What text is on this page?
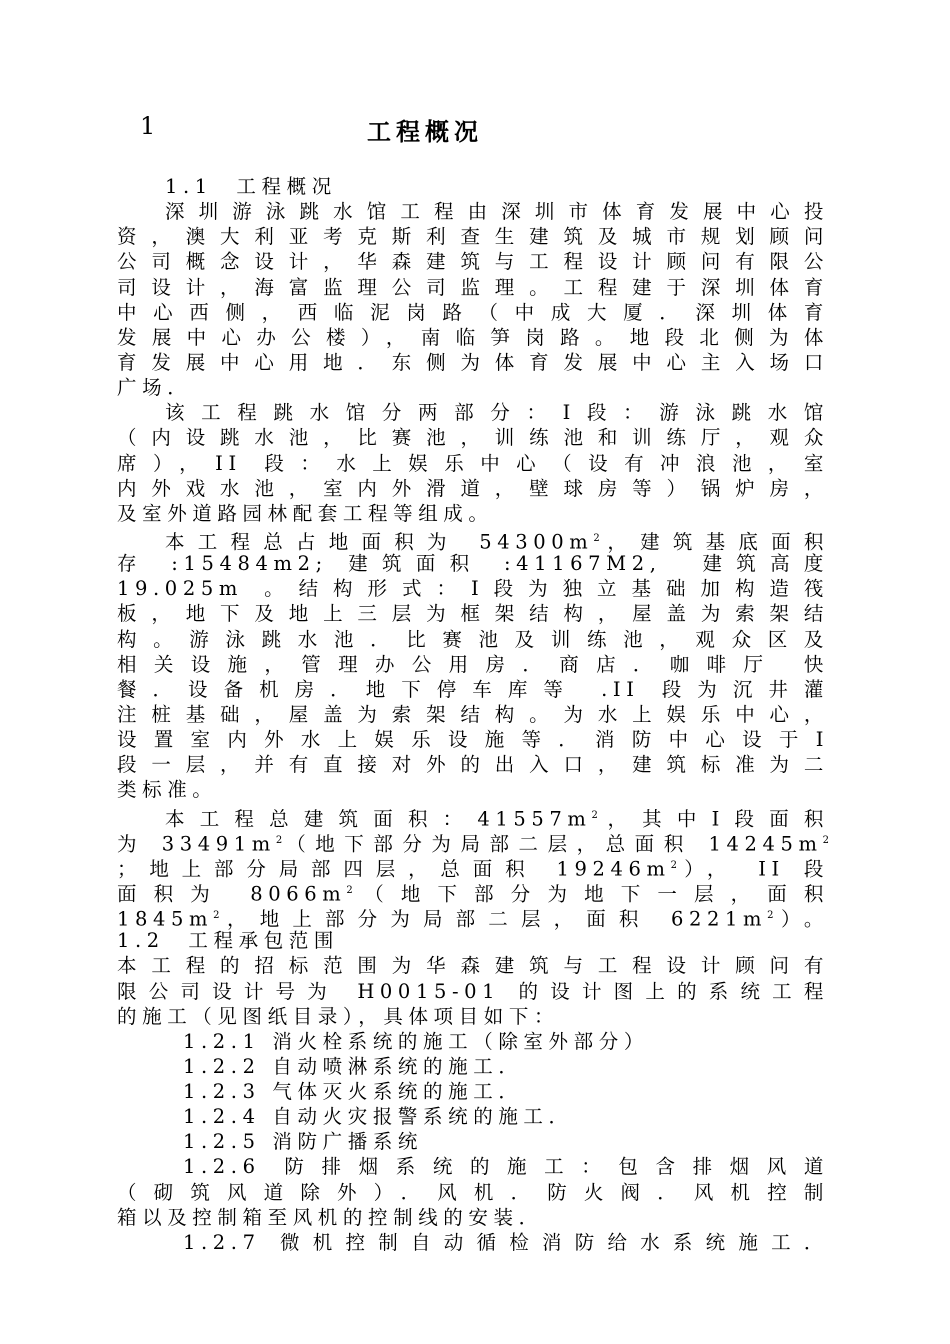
1	工程概况
1.1  工程概况
深圳游泳跳水馆工程由深圳市体育发展中心投
资，澳大利亚考克斯利查生建筑及城市规划顾问
公司概念设计，华森建筑与工程设计顾问有限公
司设计，海富监理公司监理。工程建于深圳体育
中心西侧，西临泥岗路（中成大厦．深圳体育
发展中心办公楼），南临笋岗路。地段北侧为体
育发展中心用地．东侧为体育发展中心主入场口
广场．
该工程跳水馆分两部分：Ⅰ段：游泳跳水馆
（内设跳水池，比赛池，训练池和训练厅，观众
席），II 段：水上娱乐中心（设有冲浪池，室
内外戏水池，室内外滑道，壁球房等）锅炉房，
及室外道路园林配套工程等组成。
本工程总占地面积为 $54300m^2$，建筑基底面积
存 :15484m2; 建筑面积 :41167M2,  建筑高度
19.025m 。结构形式：Ⅰ段为独立基础加构造筏
板，地下及地上三层为框架结构，屋盖为索架结
构。游泳跳水池．比赛池及训练池，观众区及
相关设施，管理办公用房．商店．咖啡厅 快
餐．设备机房．地下停车库等 .II 段为沉井灌
注桩基础，屋盖为索架结构。为水上娱乐中心，
设置室内外水上娱乐设施等．消防中心设于Ⅰ
段一层，并有直接对外的出入口，建筑标准为二
类标准。
本工程总建筑面积：$41557m^2$，其中Ⅰ段面积
为 $33491m^2$（地下部分为局部二层，总面积 $14245m^2$
；地上部分局部四层，总面积 $19246m^2$）， II 段
面积为 $8066m^2$（地下部分为地下一层，面积
$1845m^2$，地上部分为局部二层，面积 $6221m^2$）。
1.2  工程承包范围
本工程的招标范围为华森建筑与工程设计顾问有
限公司设计号为 H0015-01 的设计图上的系统工程
的施工（见图纸目录），具体项目如下：
1.2.1 消火栓系统的施工（除室外部分）
1.2.2 自动喷淋系统的施工．
1.2.3 气体灭火系统的施工．
1.2.4 自动火灾报警系统的施工．
1.2.5 消防广播系统
1.2.6 防排烟系统的施工：包含排烟风道
（砌筑风道除外）．风机．防火阀．风机控制
箱以及控制箱至风机的控制线的安装．
1.2.7 微机控制自动循检消防给水系统施工．
